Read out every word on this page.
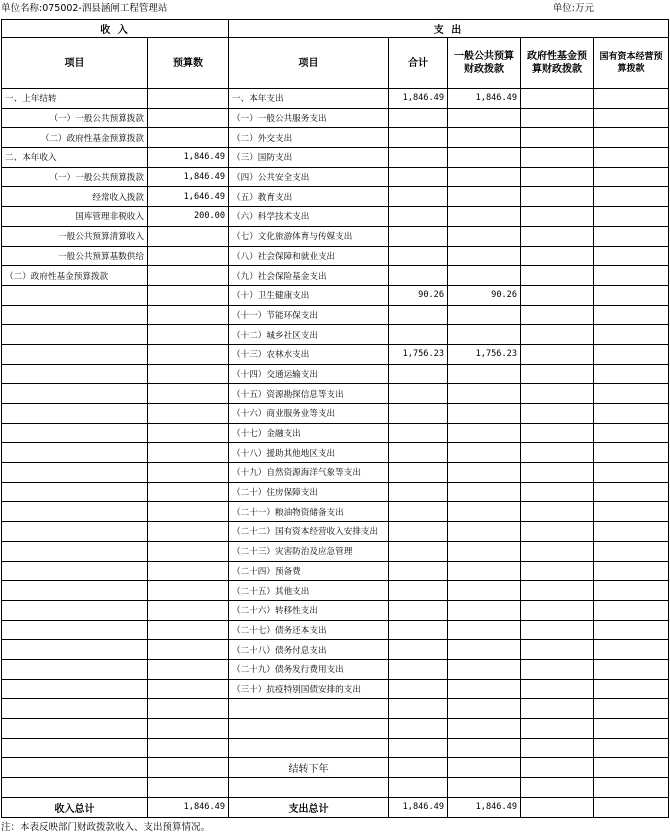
单位名称:075002-泗县涵闸工程管理站	单位:万元
收 入		支 出				
项目	预算数	项目	合计	一般公共预算财政拨款	政府性基金预算财政拨款	国有资本经营预算拨款
一、上年结转		一、本年支出	1,846.49	1,846.49		
（一）一般公共预算拨款		（一）一般公共服务支出				
（二）政府性基金预算拨款		（二）外交支出				
二、本年收入	1,846.49	（三）国防支出				
（一）一般公共预算拨款	1,846.49	（四）公共安全支出				
经常收入拨款	1,646.49	（五）教育支出				
国库管理非税收入	200.00	（六）科学技术支出				
一般公共预算清算收入		（七）文化旅游体育与传媒支出				
一般公共预算基数供给		（八）社会保障和就业支出				
（二）政府性基金预算拨款		（九）社会保险基金支出				
		（十）卫生健康支出	90.26	90.26		
		（十一）节能环保支出				
		（十二）城乡社区支出				
		（十三）农林水支出	1,756.23	1,756.23		
		（十四）交通运输支出				
		（十五）资源勘探信息等支出				
		（十六）商业服务业等支出				
		（十七）金融支出				
		（十八）援助其他地区支出				
		（十九）自然资源海洋气象等支出				
		（二十）住房保障支出				
		（二十一）粮油物资储备支出				
		（二十二）国有资本经营收入安排支出				
		（二十三）灾害防治及应急管理				
		（二十四）预备费				
		（二十五）其他支出				
		（二十六）转移性支出				
		（二十七）债务还本支出				
		（二十八）债务付息支出				
		（二十九）债务发行费用支出				
		（三十）抗疫特别国债安排的支出				

		结转下年				

收入总计	1,846.49	支出总计	1,846.49	1,846.49		
注：本表反映部门财政拨款收入、支出预算情况。
